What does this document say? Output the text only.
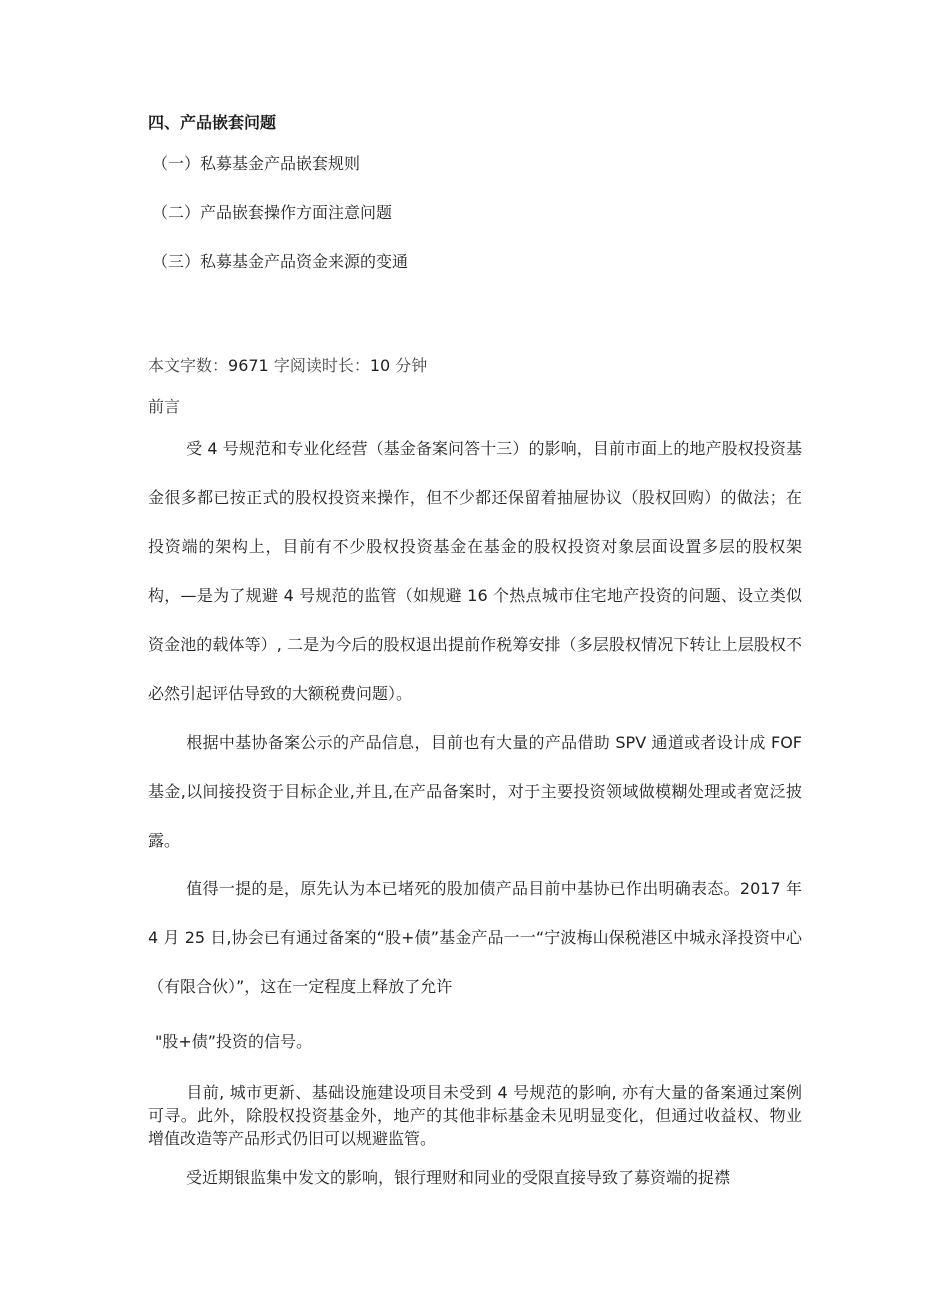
四、产品嵌套问题
（一）私募基金产品嵌套规则
（二）产品嵌套操作方面注意问题
（三）私募基金产品资金来源的变通
本文字数：9671 字阅读时长：10 分钟
前言

受 4 号规范和专业化经营（基金备案问答十三）的影响，目前市面上的地产股权投资基金很多都已按正式的股权投资来操作，但不少都还保留着抽屉协议（股权回购）的做法；在投资端的架构上，目前有不少股权投资基金在基金的股权投资对象层面设置多层的股权架构，—是为了规避 4 号规范的监管（如规避 16 个热点城市住宅地产投资的问题、设立类似资金池的载体等）, 二是为今后的股权退出提前作税筹安排（多层股权情况下转让上层股权不必然引起评估导致的大额税费问题）。

根据中基协备案公示的产品信息，目前也有大量的产品借助 SPV 通道或者设计成 FOF 基金,以间接投资于目标企业,并且,在产品备案时，对于主要投资领域做模糊处理或者宽泛披露。

值得一提的是，原先认为本已堵死的股加债产品目前中基协已作出明确表态。2017 年 4 月 25 日,协会已有通过备案的“股+债”基金产品一一“宁波梅山保税港区中城永泽投资中心（有限合伙）”，这在一定程度上释放了允许

"股+债”投资的信号。

目前, 城市更新、基础设施建设项目未受到 4 号规范的影响, 亦有大量的备案通过案例可寻。此外，除股权投资基金外，地产的其他非标基金未见明显变化，但通过收益权、物业增值改造等产品形式仍旧可以规避监管。

受近期银监集中发文的影响，银行理财和同业的受限直接导致了募资端的捉襟
